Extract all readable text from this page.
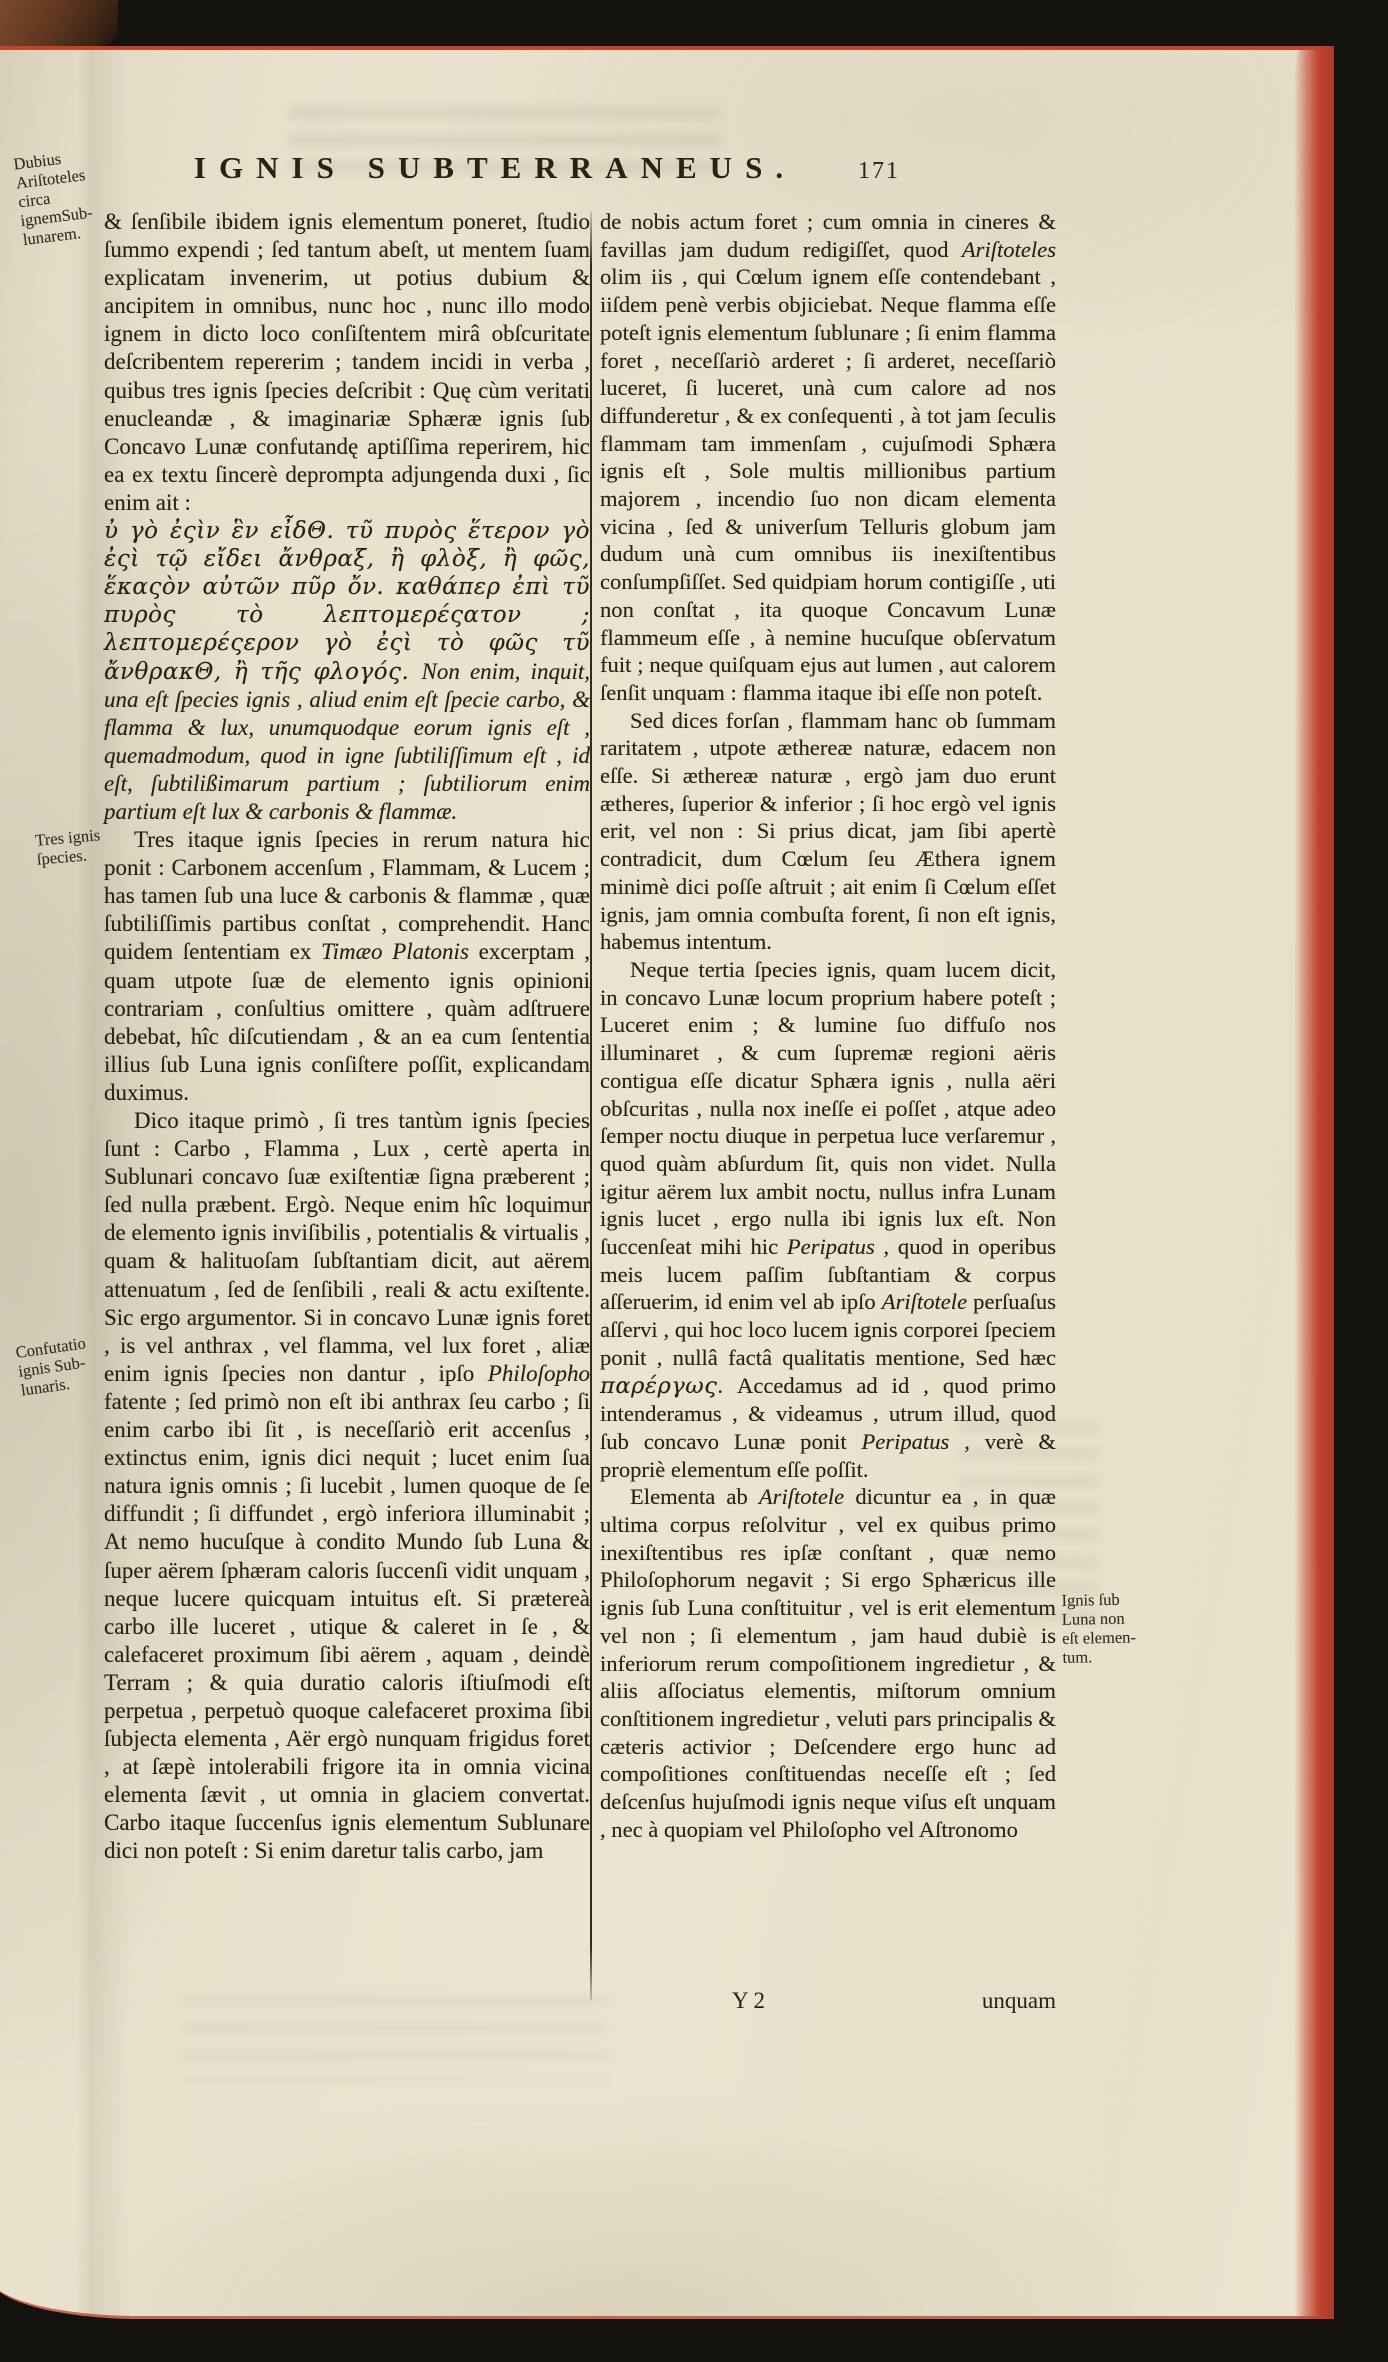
IGNIS SUBTERRANEUS.	171
Dubius
Ariſtoteles
circa
ignemSub-
lunarem.
Tres ignis
ſpecies.
Confutatio
ignis Sub-
lunaris.
Ignis ſub
Luna non
eſt elemen-
tum.

& ſenſibile ibidem ignis elementum poneret, ſtudio ſummo expendi ; ſed tantum abeſt, ut mentem ſuam explicatam invenerim, ut potius dubium & ancipitem in omnibus, nunc hoc , nunc illo modo ignem in dicto loco conſiſtentem mirâ obſcuritate deſcribentem repererim ; tandem incidi in verba , quibus tres ignis ſpecies deſcribit : Quę cùm veritati enucleandæ , & imaginariæ Sphæræ ignis ſub Concavo Lunæ confutandę aptiſſima reperirem, hic ea ex textu ſincerè deprompta adjungenda duxi , ſic enim ait :

ὐ γὸ ἐςὶν ἓν εἶδΘ. τῦ πυρὸς ἕτερον γὸ ἐςὶ τῷ εἴδει ἄνθραξ, ἢ φλὸξ, ἢ φῶς, ἕκαςὸν αὐτῶν πῦρ ὄν. καθάπερ ἐπὶ τῦ πυρὸς τὸ λεπτομερέςατον ; λεπτομερέςερον γὸ ἐςὶ τὸ φῶς τῦ ἄνθρακΘ, ἢ τῆς φλογός. Non enim, inquit, una eſt ſpecies ignis , aliud enim eſt ſpecie carbo, & flamma & lux, unumquodque eorum ignis eſt , quemadmodum, quod in igne ſubtiliſſimum eſt , id eſt, ſubtilißimarum partium ; ſubtiliorum enim partium eſt lux & carbonis & flammæ.

Tres itaque ignis ſpecies in rerum natura hic ponit : Carbonem accenſum , Flammam, & Lucem ; has tamen ſub una luce & carbonis & flammæ , quæ ſubtiliſſimis partibus conſtat , comprehendit. Hanc quidem ſententiam ex Timæo Platonis excerptam , quam utpote ſuæ de elemento ignis opinioni contrariam , conſultius omittere , quàm adſtruere debebat, hîc diſcutiendam , & an ea cum ſententia illius ſub Luna ignis conſiſtere poſſit, explicandam duximus.

Dico itaque primò , ſi tres tantùm ignis ſpecies ſunt : Carbo , Flamma , Lux , certè aperta in Sublunari concavo ſuæ exiſtentiæ ſigna præberent ; ſed nulla præbent. Ergò. Neque enim hîc loquimur de elemento ignis inviſibilis , potentialis & virtualis , quam & halituoſam ſubſtantiam dicit, aut aërem attenuatum , ſed de ſenſibili , reali & actu exiſtente. Sic ergo argumentor. Si in concavo Lunæ ignis foret , is vel anthrax , vel flamma, vel lux foret , aliæ enim ignis ſpecies non dantur , ipſo Philoſopho fatente ; ſed primò non eſt ibi anthrax ſeu carbo ; ſi enim carbo ibi ſit , is neceſſariò erit accenſus , extinctus enim, ignis dici nequit ; lucet enim ſua natura ignis omnis ; ſi lucebit , lumen quoque de ſe diffundit ; ſi diffundet , ergò inferiora illuminabit ; At nemo hucuſque à condito Mundo ſub Luna & ſuper aërem ſphæram caloris ſuccenſi vidit unquam , neque lucere quicquam intuitus eſt. Si prætereà carbo ille luceret , utique & caleret in ſe , & calefaceret proximum ſibi aërem , aquam , deindè Terram ; & quia duratio caloris iſtiuſmodi eſt perpetua , perpetuò quoque calefaceret proxima ſibi ſubjecta elementa , Aër ergò nunquam frigidus foret , at ſæpè intolerabili frigore ita in omnia vicina elementa ſævit , ut omnia in glaciem convertat. Carbo itaque ſuccenſus ignis elementum Sublunare dici non poteſt : Si enim daretur talis carbo, jam

de nobis actum foret ; cum omnia in cineres & favillas jam dudum redigiſſet, quod Ariſtoteles olim iis , qui Cœlum ignem eſſe contendebant , iiſdem penè verbis objiciebat. Neque flamma eſſe poteſt ignis elementum ſublunare ; ſi enim flamma foret , neceſſariò arderet ; ſi arderet, neceſſariò luceret, ſi luceret, unà cum calore ad nos diffunderetur , & ex conſequenti , à tot jam ſeculis flammam tam immenſam , cujuſmodi Sphæra ignis eſt , Sole multis millionibus partium majorem , incendio ſuo non dicam elementa vicina , ſed & univerſum Telluris globum jam dudum unà cum omnibus iis inexiſtentibus conſumpſiſſet. Sed quidpiam horum contigiſſe , uti non conſtat , ita quoque Concavum Lunæ flammeum eſſe , à nemine hucuſque obſervatum fuit ; neque quiſquam ejus aut lumen , aut calorem ſenſit unquam : flamma itaque ibi eſſe non poteſt.

Sed dices forſan , flammam hanc ob ſummam raritatem , utpote æthereæ naturæ, edacem non eſſe. Si æthereæ naturæ , ergò jam duo erunt ætheres, ſuperior & inferior ; ſi hoc ergò vel ignis erit, vel non : Si prius dicat, jam ſibi apertè contradicit, dum Cœlum ſeu Æthera ignem minimè dici poſſe aſtruit ; ait enim ſi Cœlum eſſet ignis, jam omnia combuſta forent, ſi non eſt ignis, habemus intentum.

Neque tertia ſpecies ignis, quam lucem dicit, in concavo Lunæ locum proprium habere poteſt ; Luceret enim ; & lumine ſuo diffuſo nos illuminaret , & cum ſupremæ regioni aëris contigua eſſe dicatur Sphæra ignis , nulla aëri obſcuritas , nulla nox ineſſe ei poſſet , atque adeo ſemper noctu diuque in perpetua luce verſaremur , quod quàm abſurdum ſit, quis non videt. Nulla igitur aërem lux ambit noctu, nullus infra Lunam ignis lucet , ergo nulla ibi ignis lux eſt. Non ſuccenſeat mihi hic Peripatus , quod in operibus meis lucem paſſim ſubſtantiam & corpus aſſeruerim, id enim vel ab ipſo Ariſtotele perſuaſus aſſervi , qui hoc loco lucem ignis corporei ſpeciem ponit , nullâ factâ qualitatis mentione, Sed hæc παρέργως. Accedamus ad id , quod primo intenderamus , & videamus , utrum illud, quod ſub concavo Lunæ ponit Peripatus , verè & propriè elementum eſſe poſſit.

Elementa ab Ariſtotele dicuntur ea , in quæ ultima corpus reſolvitur , vel ex quibus primo inexiſtentibus res ipſæ conſtant , quæ nemo Philoſophorum negavit ; Si ergo Sphæricus ille ignis ſub Luna conſtituitur , vel is erit elementum vel non ; ſi elementum , jam haud dubiè is inferiorum rerum compoſitionem ingredietur , & aliis aſſociatus elementis, miſtorum omnium conſtitionem ingredietur , veluti pars principalis & cæteris activior ; Deſcendere ergo hunc ad compoſitiones conſtituendas neceſſe eſt ; ſed deſcenſus hujuſmodi ignis neque viſus eſt unquam , nec à quopiam vel Philoſopho vel Aſtronomo

Y 2	unquam
